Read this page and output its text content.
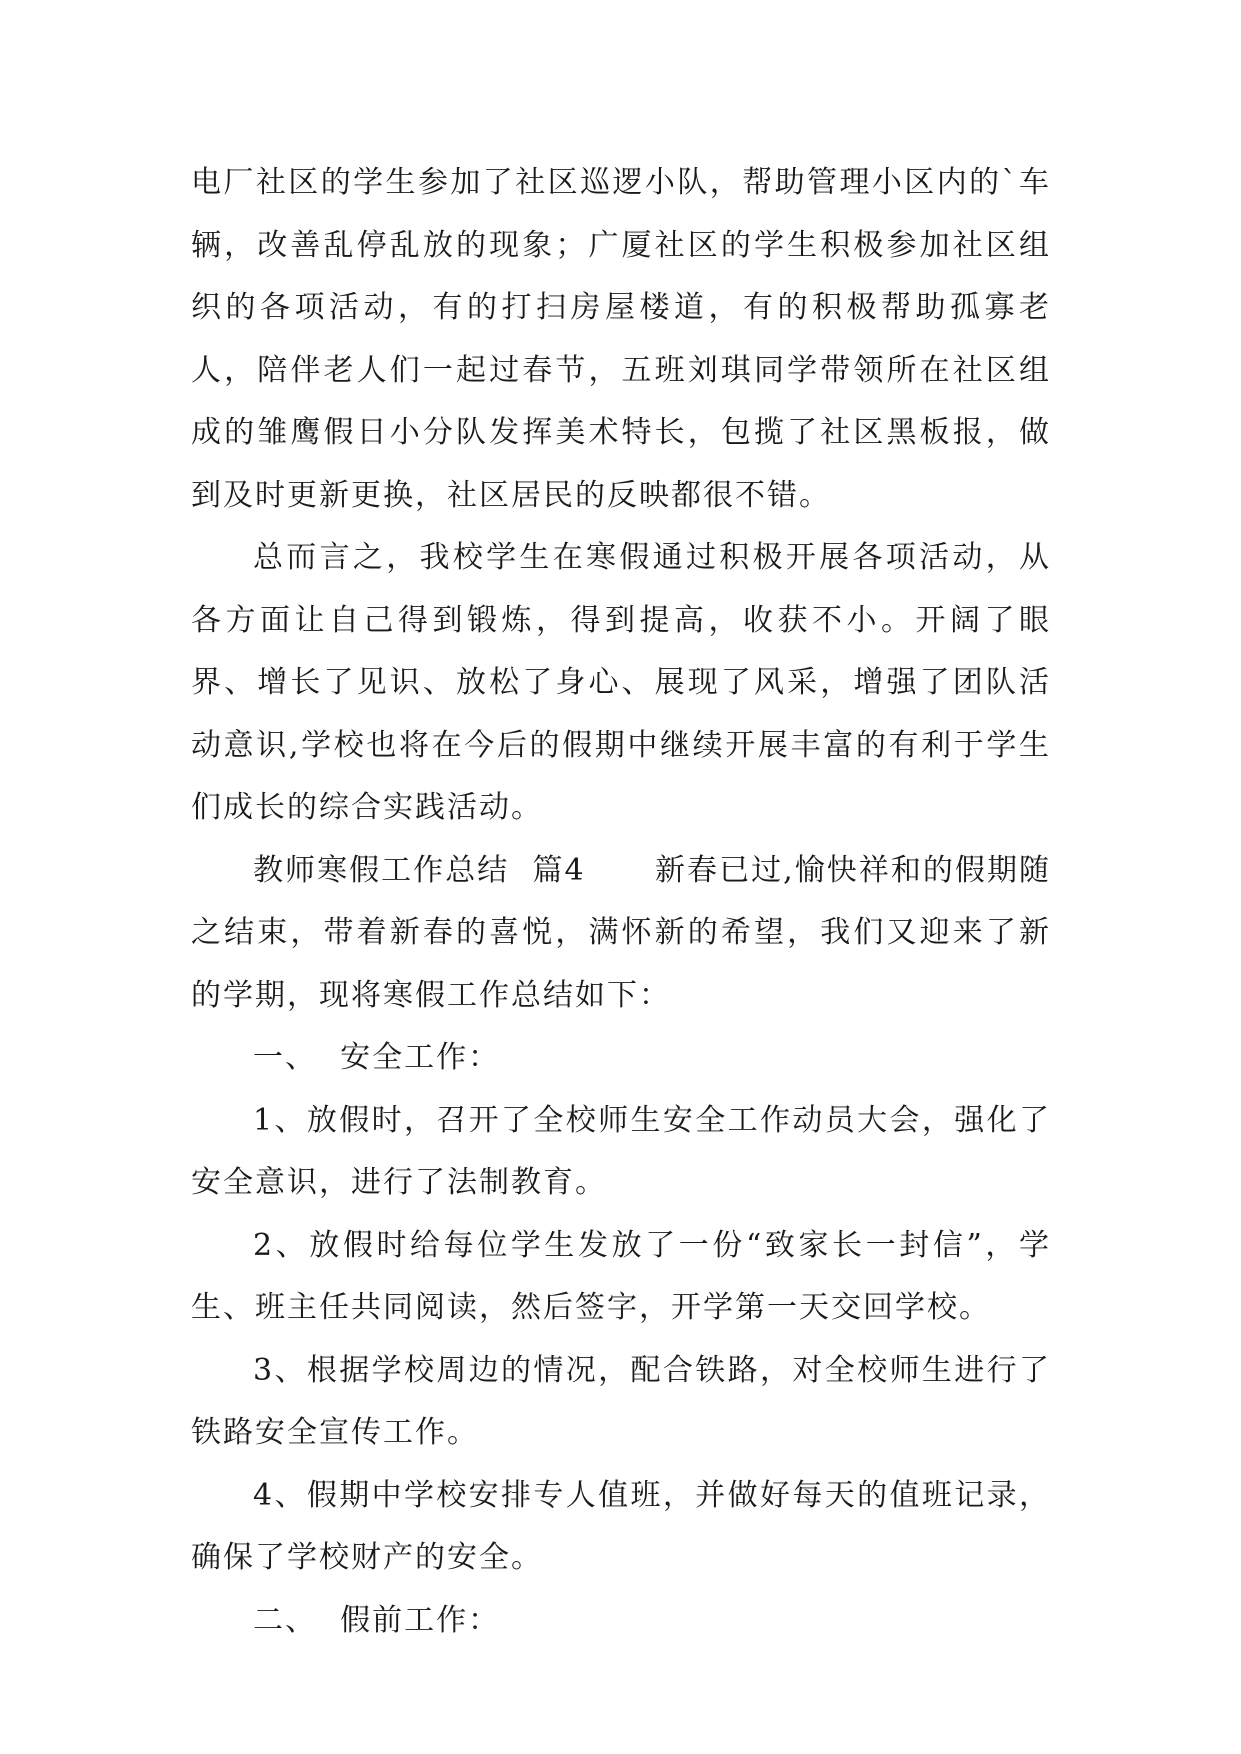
电厂社区的学生参加了社区巡逻小队，帮助管理小区内的`车辆，改善乱停乱放的现象；广厦社区的学生积极参加社区组织的各项活动，有的打扫房屋楼道，有的积极帮助孤寡老人，陪伴老人们一起过春节，五班刘琪同学带领所在社区组成的雏鹰假日小分队发挥美术特长，包揽了社区黑板报，做到及时更新更换，社区居民的反映都很不错。

总而言之，我校学生在寒假通过积极开展各项活动，从各方面让自己得到锻炼，得到提高，收获不小。开阔了眼界、增长了见识、放松了身心、展现了风采，增强了团队活动意识,学校也将在今后的假期中继续开展丰富的有利于学生们成长的综合实践活动。

教师寒假工作总结  篇4      新春已过,愉快祥和的假期随之结束，带着新春的喜悦，满怀新的希望，我们又迎来了新的学期，现将寒假工作总结如下：

一、  安全工作：

1、放假时，召开了全校师生安全工作动员大会，强化了安全意识，进行了法制教育。

2、放假时给每位学生发放了一份“致家长一封信”，学生、班主任共同阅读，然后签字，开学第一天交回学校。

3、根据学校周边的情况，配合铁路，对全校师生进行了铁路安全宣传工作。

4、假期中学校安排专人值班，并做好每天的值班记录，确保了学校财产的安全。

二、  假前工作：
